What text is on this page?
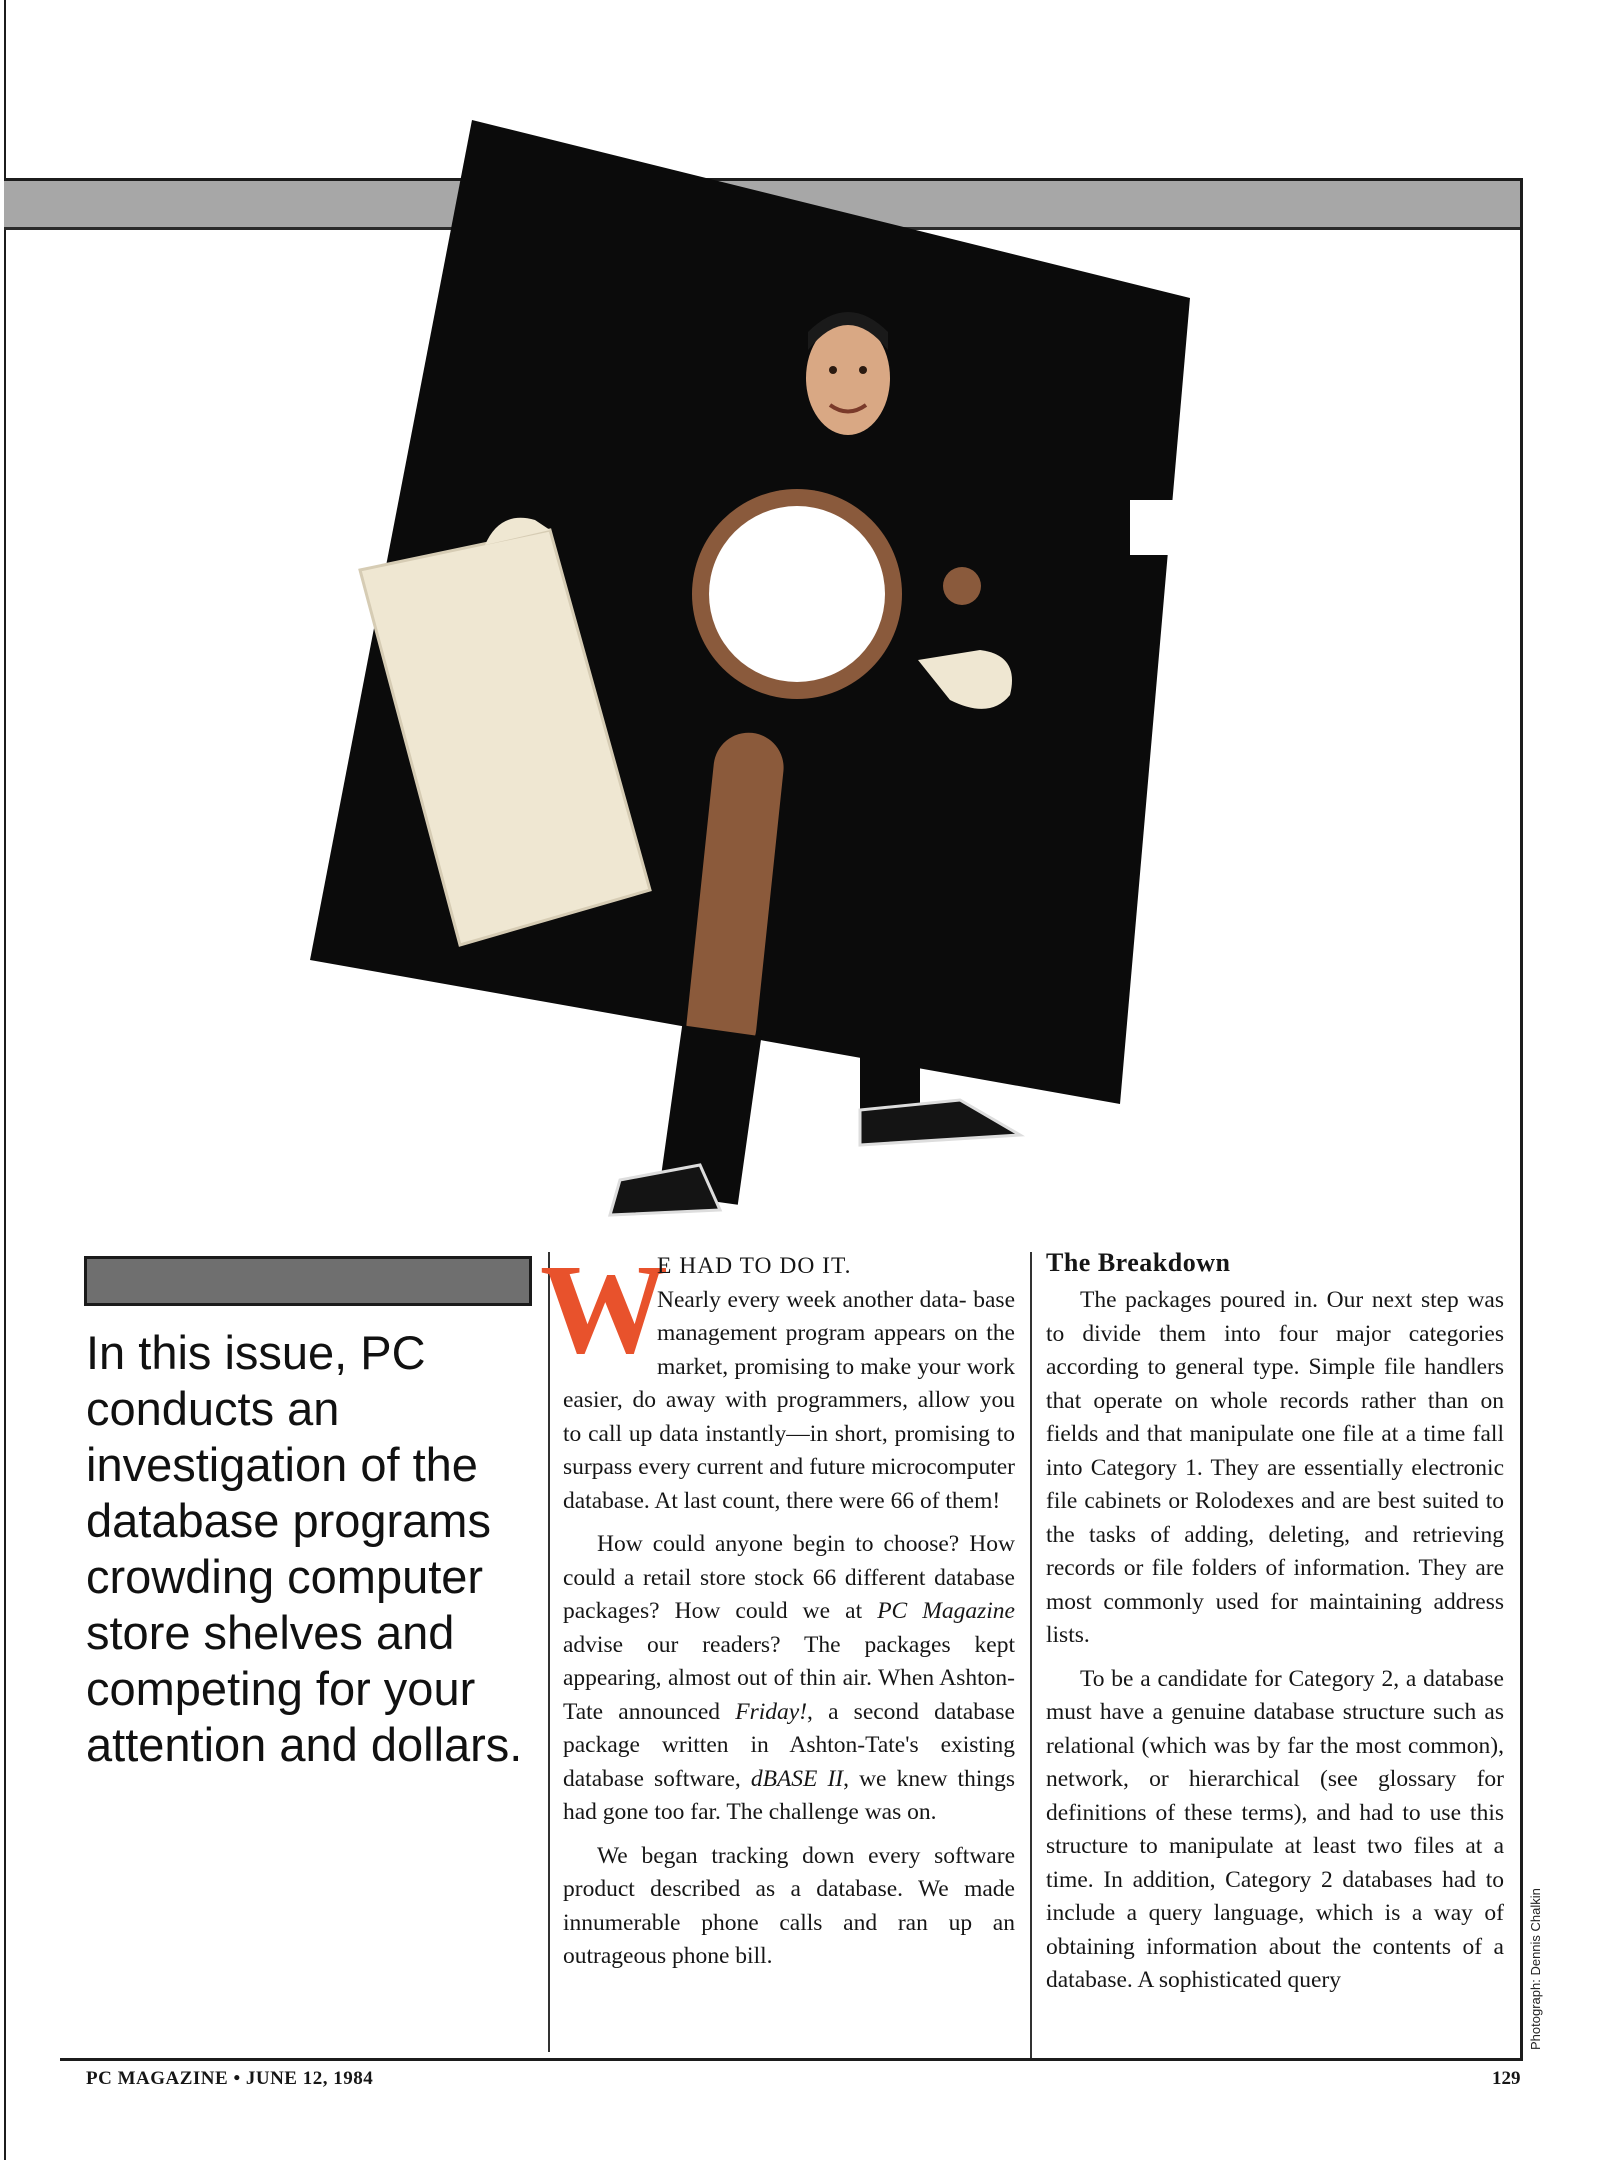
In this issue, PC conducts an investigation of the database programs crowding computer store shelves and competing for your attention and dollars.

W

E HAD TO DO IT.
Nearly every week another data- base management program appears on the market, promising to make your work easier, do away with programmers, allow you to call up data instantly—in short, promising to surpass every current and future microcomputer database. At last count, there were 66 of them!

How could anyone begin to choose? How could a retail store stock 66 different database packages? How could we at PC Magazine advise our readers? The packages kept appearing, almost out of thin air. When Ashton-Tate announced Friday!, a second database package written in Ashton-Tate's existing database software, dBASE II, we knew things had gone too far. The challenge was on.

We began tracking down every software product described as a database. We made innumerable phone calls and ran up an outrageous phone bill.

The Breakdown

The packages poured in. Our next step was to divide them into four major categories according to general type. Simple file handlers that operate on whole records rather than on fields and that manipulate one file at a time fall into Category 1. They are essentially electronic file cabinets or Rolodexes and are best suited to the tasks of adding, deleting, and retrieving records or file folders of information. They are most commonly used for maintaining address lists.

To be a candidate for Category 2, a database must have a genuine database structure such as relational (which was by far the most common), network, or hierarchical (see glossary for definitions of these terms), and had to use this structure to manipulate at least two files at a time. In addition, Category 2 databases had to include a query language, which is a way of obtaining information about the contents of a database. A sophisticated query	Photograph: Dennis Chalkin

PC MAGAZINE • JUNE 12, 1984	129
